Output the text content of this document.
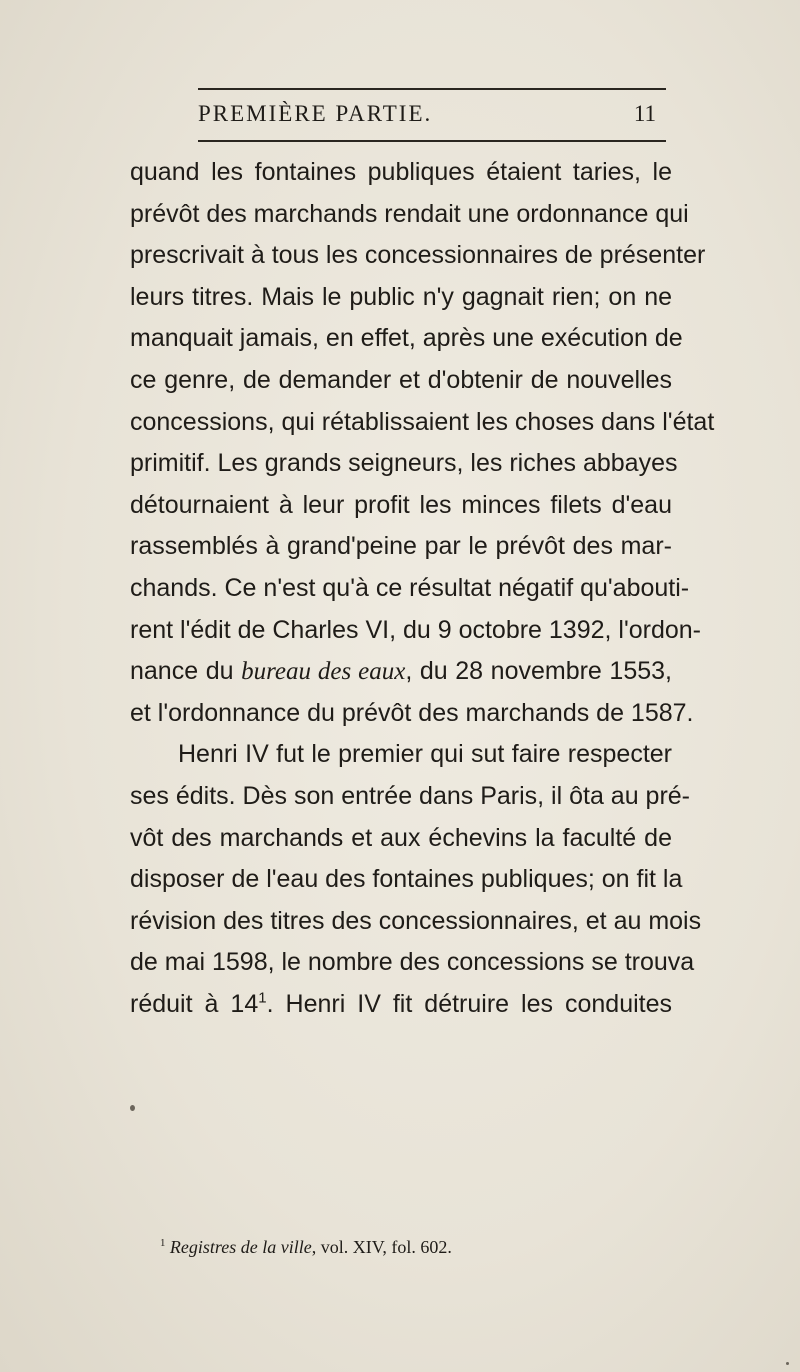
PREMIÈRE PARTIE.	11
quand les fontaines publiques étaient taries, le
prévôt des marchands rendait une ordonnance qui
prescrivait à tous les concessionnaires de présenter
leurs titres. Mais le public n'y gagnait rien; on ne
manquait jamais, en effet, après une exécution de
ce genre, de demander et d'obtenir de nouvelles
concessions, qui rétablissaient les choses dans l'état
primitif. Les grands seigneurs, les riches abbayes
détournaient à leur profit les minces filets d'eau
rassemblés à grand'peine par le prévôt des mar-
chands. Ce n'est qu'à ce résultat négatif qu'abouti-
rent l'édit de Charles VI, du 9 octobre 1392, l'ordon-
nance du bureau des eaux, du 28 novembre 1553,
et l'ordonnance du prévôt des marchands de 1587.
Henri IV fut le premier qui sut faire respecter
ses édits. Dès son entrée dans Paris, il ôta au pré-
vôt des marchands et aux échevins la faculté de
disposer de l'eau des fontaines publiques; on fit la
révision des titres des concessionnaires, et au mois
de mai 1598, le nombre des concessions se trouva
réduit à $14^1$. Henri IV fit détruire les conduites
$^1$ Registres de la ville, vol. XIV, fol. 602.
